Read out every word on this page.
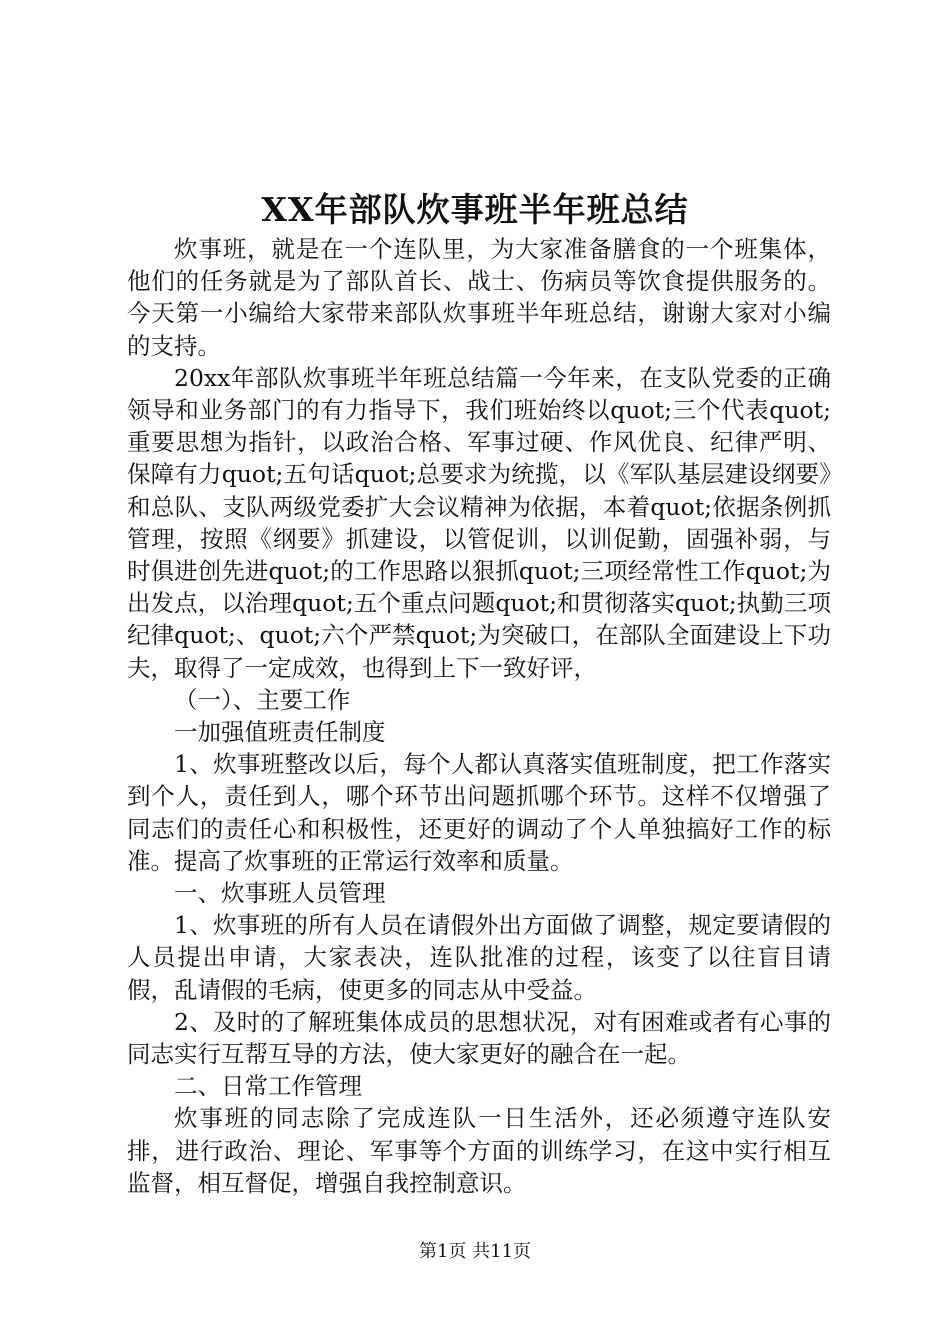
XX年部队炊事班半年班总结

炊事班，就是在一个连队里，为大家准备膳食的一个班集体，他们的任务就是为了部队首长、战士、伤病员等饮食提供服务的。今天第一小编给大家带来部队炊事班半年班总结，谢谢大家对小编的支持。

20xx年部队炊事班半年班总结篇一今年来，在支队党委的正确领导和业务部门的有力指导下，我们班始终以quot;三个代表quot;重要思想为指针，以政治合格、军事过硬、作风优良、纪律严明、保障有力quot;五句话quot;总要求为统揽，以《军队基层建设纲要》和总队、支队两级党委扩大会议精神为依据，本着quot;依据条例抓管理，按照《纲要》抓建设，以管促训，以训促勤，固强补弱，与时俱进创先进quot;的工作思路以狠抓quot;三项经常性工作quot;为出发点，以治理quot;五个重点问题quot;和贯彻落实quot;执勤三项纪律quot;、quot;六个严禁quot;为突破口，在部队全面建设上下功夫，取得了一定成效，也得到上下一致好评，

（一）、主要工作

一加强值班责任制度

1、炊事班整改以后，每个人都认真落实值班制度，把工作落实到个人，责任到人，哪个环节出问题抓哪个环节。这样不仅增强了同志们的责任心和积极性，还更好的调动了个人单独搞好工作的标准。提高了炊事班的正常运行效率和质量。

一、炊事班人员管理

1、炊事班的所有人员在请假外出方面做了调整，规定要请假的人员提出申请，大家表决，连队批准的过程，该变了以往盲目请假，乱请假的毛病，使更多的同志从中受益。

2、及时的了解班集体成员的思想状况，对有困难或者有心事的同志实行互帮互导的方法，使大家更好的融合在一起。

二、日常工作管理

炊事班的同志除了完成连队一日生活外，还必须遵守连队安排，进行政治、理论、军事等个方面的训练学习，在这中实行相互监督，相互督促，增强自我控制意识。

第1页 共11页
